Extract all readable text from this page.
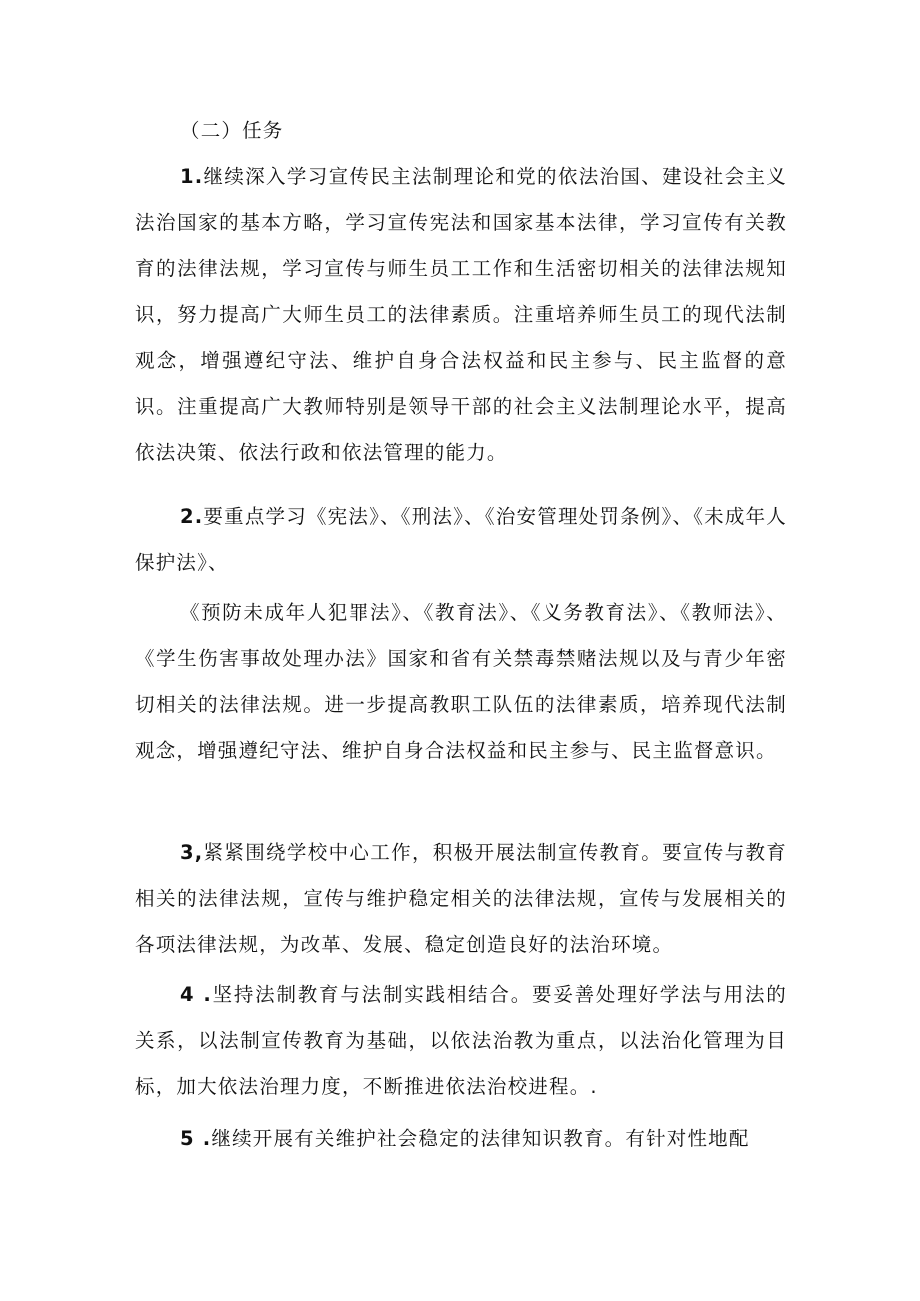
（二）任务

1.继续深入学习宣传民主法制理论和党的依法治国、建设社会主义法治国家的基本方略，学习宣传宪法和国家基本法律，学习宣传有关教育的法律法规，学习宣传与师生员工工作和生活密切相关的法律法规知识，努力提高广大师生员工的法律素质。注重培养师生员工的现代法制观念，增强遵纪守法、维护自身合法权益和民主参与、民主监督的意识。注重提高广大教师特别是领导干部的社会主义法制理论水平，提高依法决策、依法行政和依法管理的能力。

2.要重点学习《宪法》、《刑法》、《治安管理处罚条例》、《未成年人保护法》、

《预防未成年人犯罪法》、《教育法》、《义务教育法》、《教师法》、《学生伤害事故处理办法》国家和省有关禁毒禁赌法规以及与青少年密切相关的法律法规。进一步提高教职工队伍的法律素质，培养现代法制观念，增强遵纪守法、维护自身合法权益和民主参与、民主监督意识。

3,紧紧围绕学校中心工作，积极开展法制宣传教育。要宣传与教育相关的法律法规，宣传与维护稳定相关的法律法规，宣传与发展相关的各项法律法规，为改革、发展、稳定创造良好的法治环境。

4 .坚持法制教育与法制实践相结合。要妥善处理好学法与用法的关系，以法制宣传教育为基础，以依法治教为重点，以法治化管理为目标，加大依法治理力度，不断推进依法治校进程。.

5 .继续开展有关维护社会稳定的法律知识教育。有针对性地配
